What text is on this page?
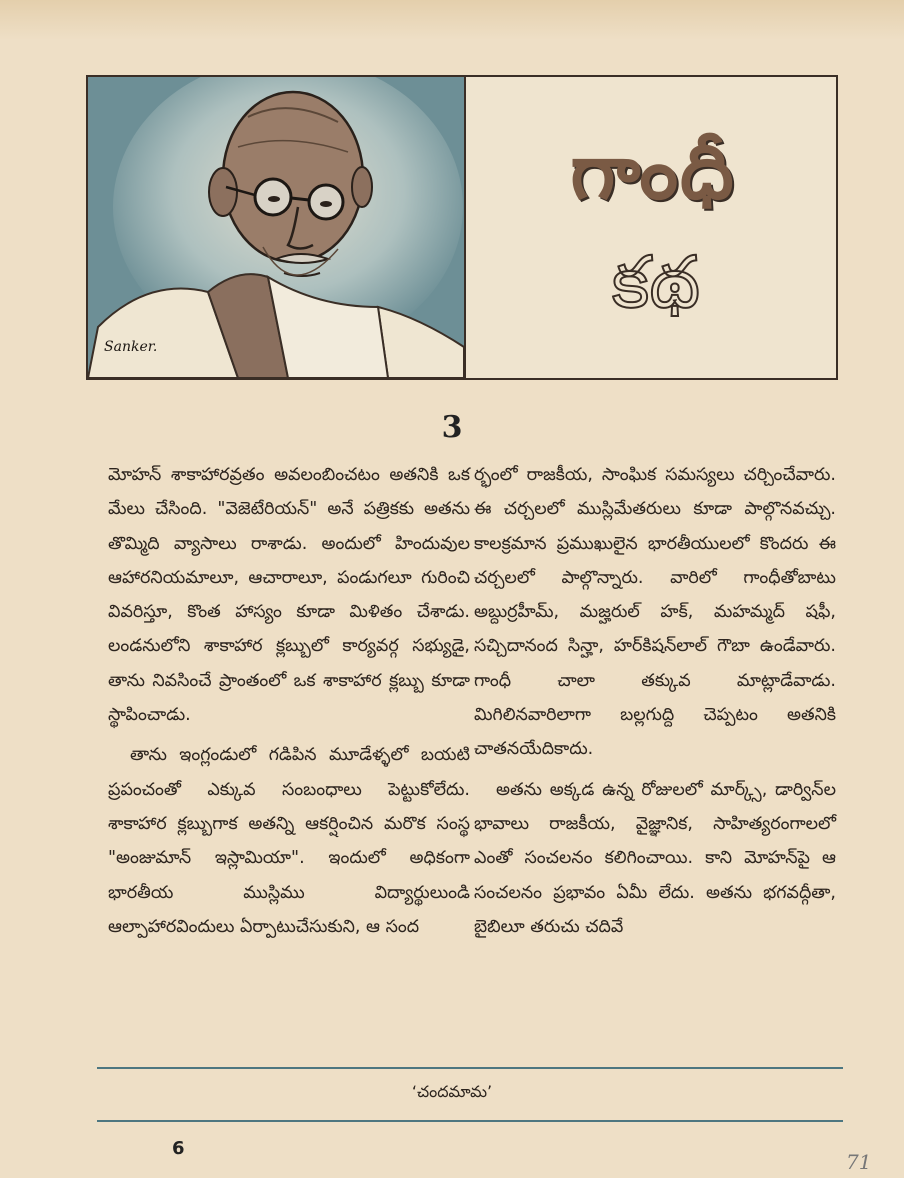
Sanker.
గాంధీ
కథ
3

మోహన్ శాకాహారవ్రతం అవలంబించటం అతనికి ఒక మేలు చేసింది. "వెజెటేరియన్" అనే పత్రికకు అతను తొమ్మిది వ్యాసాలు రాశాడు. అందులో హిందువుల ఆహారనియమాలూ, ఆచారాలూ, పండుగలూ గురించి వివరిస్తూ, కొంత హాస్యం కూడా మిళితం చేశాడు. లండనులోని శాకాహార క్లబ్బులో కార్యవర్గ సభ్యుడై, తాను నివసించే ప్రాంతంలో ఒక శాకాహార క్లబ్బు కూడా స్థాపించాడు.

తాను ఇంగ్లండులో గడిపిన మూడేళ్ళలో బయటి ప్రపంచంతో ఎక్కువ సంబంధాలు పెట్టుకోలేదు. శాకాహార క్లబ్బుగాక అతన్ని ఆకర్షించిన మరొక సంస్థ "అంజుమాన్ ఇస్లామియా". ఇందులో అధికంగా భారతీయ ముస్లిము విద్యార్థులుండి ఆల్పాహారవిందులు ఏర్పాటుచేసుకుని, ఆ సంద

ర్భంలో రాజకీయ, సాంఘిక సమస్యలు చర్చించేవారు. ఈ చర్చలలో ముస్లిమేతరులు కూడా పాల్గొనవచ్చు. కాలక్రమాన ప్రముఖులైన భారతీయులలో కొందరు ఈ చర్చలలో పాల్గొన్నారు. వారిలో గాంధీతోబాటు అబ్దుర్రహీమ్, మజ్హరుల్ హక్, మహమ్మద్ షఫీ, సచ్చిదానంద సిన్హా, హర్‌కిషన్‌లాల్ గౌబా ఉండేవారు. గాంధీ చాలా తక్కువ మాట్లాడేవాడు. మిగిలినవారిలాగా బల్లగుద్ది చెప్పటం అతనికి చాతనయేదికాదు.

అతను అక్కడ ఉన్న రోజులలో మార్క్స్, డార్విన్‌ల భావాలు రాజకీయ, వైజ్ఞానిక, సాహిత్యరంగాలలో ఎంతో సంచలనం కలిగించాయి. కాని మోహన్‌పై ఆ సంచలనం ప్రభావం ఏమీ లేదు. అతను భగవద్గీతా, బైబిలూ తరుచు చదివే

‘చందమామ’
6
71
